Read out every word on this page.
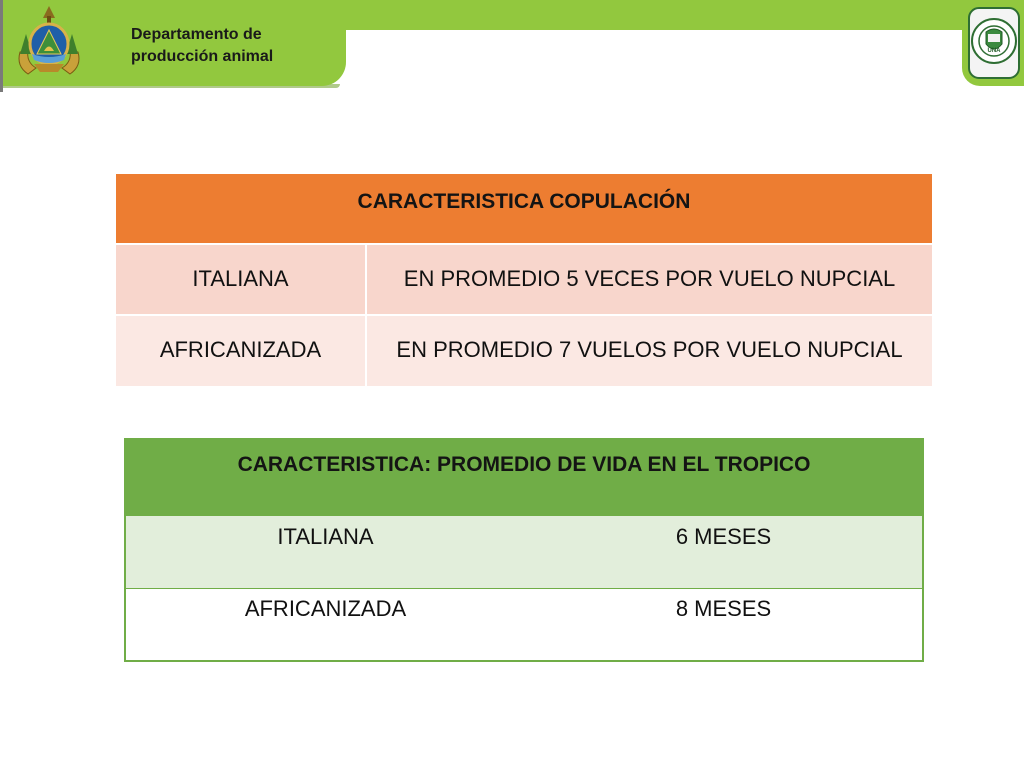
Departamento de
producción animal	UNA
CARACTERISTICA COPULACIÓN	
ITALIANA	EN PROMEDIO 5 VECES POR VUELO NUPCIAL
AFRICANIZADA	EN PROMEDIO 7 VUELOS POR VUELO NUPCIAL
CARACTERISTICA: PROMEDIO DE VIDA EN EL TROPICO	
ITALIANA	6 MESES
AFRICANIZADA	8 MESES
